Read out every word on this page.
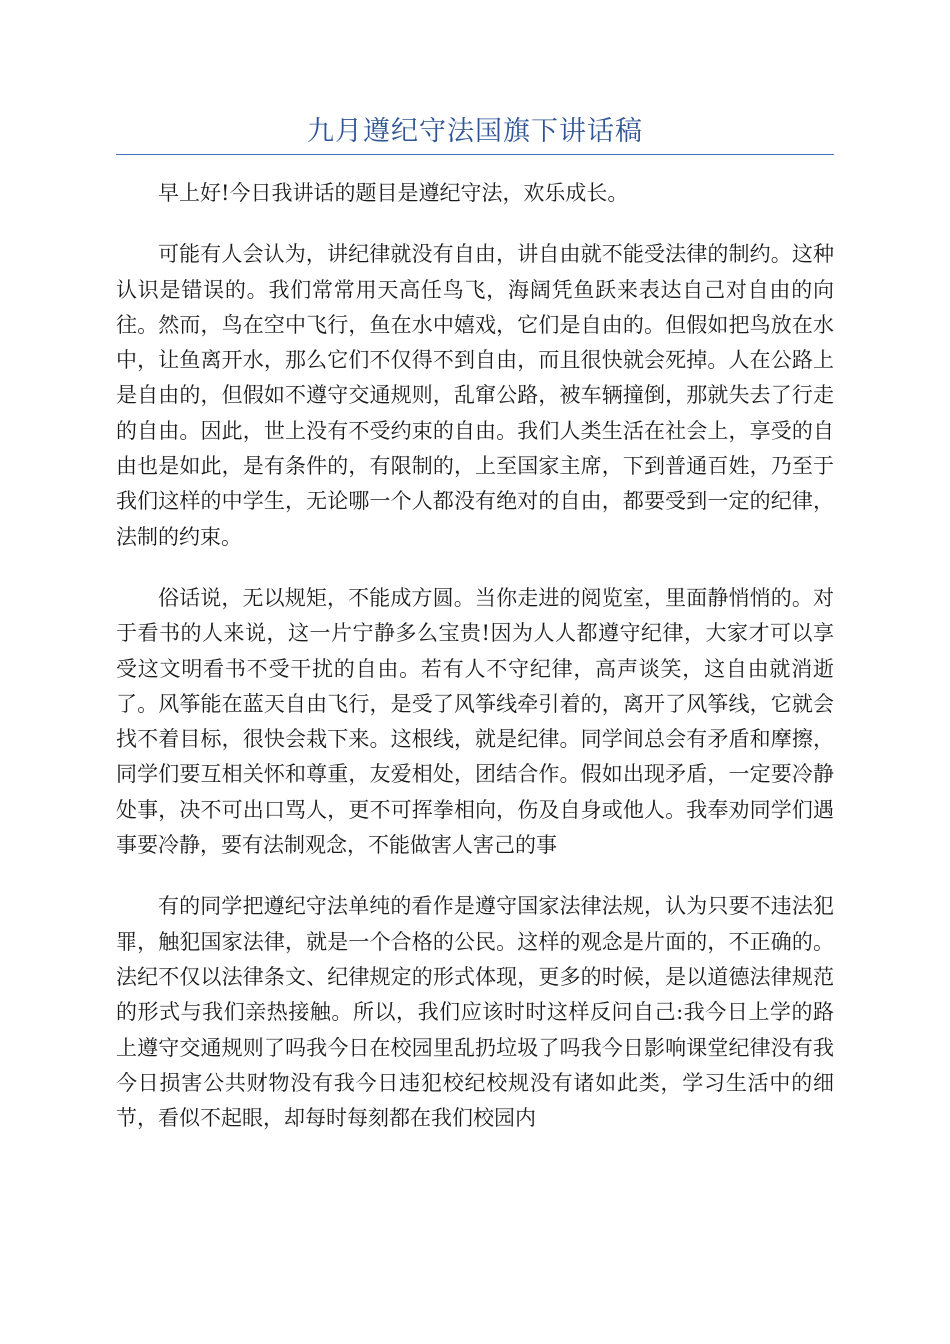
九月遵纪守法国旗下讲话稿

早上好!今日我讲话的题目是遵纪守法，欢乐成长。

可能有人会认为，讲纪律就没有自由，讲自由就不能受法律的制约。这种认识是错误的。我们常常用天高任鸟飞，海阔凭鱼跃来表达自己对自由的向往。然而，鸟在空中飞行，鱼在水中嬉戏，它们是自由的。但假如把鸟放在水中，让鱼离开水，那么它们不仅得不到自由，而且很快就会死掉。人在公路上是自由的，但假如不遵守交通规则，乱窜公路，被车辆撞倒，那就失去了行走的自由。因此，世上没有不受约束的自由。我们人类生活在社会上，享受的自由也是如此，是有条件的，有限制的，上至国家主席，下到普通百姓，乃至于我们这样的中学生，无论哪一个人都没有绝对的自由，都要受到一定的纪律，法制的约束。

俗话说，无以规矩，不能成方圆。当你走进的阅览室，里面静悄悄的。对于看书的人来说，这一片宁静多么宝贵!因为人人都遵守纪律，大家才可以享受这文明看书不受干扰的自由。若有人不守纪律，高声谈笑，这自由就消逝了。风筝能在蓝天自由飞行，是受了风筝线牵引着的，离开了风筝线，它就会找不着目标，很快会栽下来。这根线，就是纪律。同学间总会有矛盾和摩擦，同学们要互相关怀和尊重，友爱相处，团结合作。假如出现矛盾，一定要冷静处事，决不可出口骂人，更不可挥拳相向，伤及自身或他人。我奉劝同学们遇事要冷静，要有法制观念，不能做害人害己的事

有的同学把遵纪守法单纯的看作是遵守国家法律法规，认为只要不违法犯罪，触犯国家法律，就是一个合格的公民。这样的观念是片面的，不正确的。法纪不仅以法律条文、纪律规定的形式体现，更多的时候，是以道德法律规范的形式与我们亲热接触。所以，我们应该时时这样反问自己:我今日上学的路上遵守交通规则了吗我今日在校园里乱扔垃圾了吗我今日影响课堂纪律没有我今日损害公共财物没有我今日违犯校纪校规没有诸如此类，学习生活中的细节，看似不起眼，却每时每刻都在我们校园内
